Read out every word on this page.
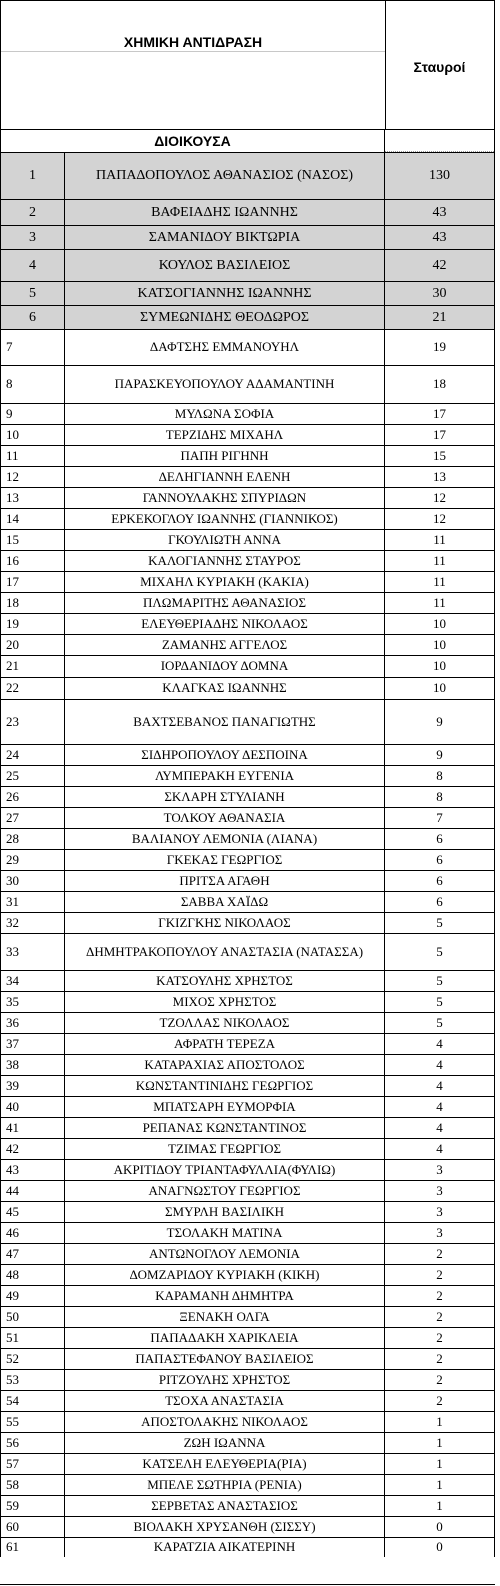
ΧΗΜΙΚΗ ΑΝΤΙΔΡΑΣΗ
Σταυροί
ΔΙΟΙΚΟΥΣΑ
1	ΠΑΠΑΔΟΠΟΥΛΟΣ ΑΘΑΝΑΣΙΟΣ (ΝΑΣΟΣ)	130
2	ΒΑΦΕΙΑΔΗΣ ΙΩΑΝΝΗΣ	43
3	ΣΑΜΑΝΙΔΟΥ ΒΙΚΤΩΡΙΑ	43
4	ΚΟΥΛΟΣ ΒΑΣΙΛΕΙΟΣ	42
5	ΚΑΤΣΟΓΙΑΝΝΗΣ ΙΩΑΝΝΗΣ	30
6	ΣΥΜΕΩΝΙΔΗΣ ΘΕΟΔΩΡΟΣ	21
7	ΔΑΦΤΣΗΣ ΕΜΜΑΝΟΥΗΛ	19
8	ΠΑΡΑΣΚΕΥΟΠΟΥΛΟΥ ΑΔΑΜΑΝΤΙΝΗ	18
9	ΜΥΛΩΝΑ ΣΟΦΙΑ	17
10	ΤΕΡΖΙΔΗΣ ΜΙΧΑΗΛ	17
11	ΠΑΠΗ ΡΙΓΗΝΗ	15
12	ΔΕΛΗΓΙΑΝΝΗ ΕΛΕΝΗ	13
13	ΓΑΝΝΟΥΛΑΚΗΣ ΣΠΥΡΙΔΩΝ	12
14	ΕΡΚΕΚΟΓΛΟΥ ΙΩΑΝΝΗΣ (ΓΙΑΝΝΙΚΟΣ)	12
15	ΓΚΟΥΛΙΩΤΗ ΑΝΝΑ	11
16	ΚΑΛΟΓΙΑΝΝΗΣ ΣΤΑΥΡΟΣ	11
17	ΜΙΧΑΗΛ ΚΥΡΙΑΚΗ (ΚΑΚΙΑ)	11
18	ΠΛΩΜΑΡΙΤΗΣ ΑΘΑΝΑΣΙΟΣ	11
19	ΕΛΕΥΘΕΡΙΑΔΗΣ ΝΙΚΟΛΑΟΣ	10
20	ΖΑΜΑΝΗΣ ΑΓΓΕΛΟΣ	10
21	ΙΟΡΔΑΝΙΔΟΥ ΔΟΜΝΑ	10
22	ΚΛΑΓΚΑΣ ΙΩΑΝΝΗΣ	10
23	ΒΑΧΤΣΕΒΑΝΟΣ ΠΑΝΑΓΙΩΤΗΣ	9
24	ΣΙΔΗΡΟΠΟΥΛΟΥ ΔΕΣΠΟΙΝΑ	9
25	ΛΥΜΠΕΡΑΚΗ ΕΥΓΕΝΙΑ	8
26	ΣΚΛΑΡΗ ΣΤΥΛΙΑΝΗ	8
27	ΤΟΛΚΟΥ ΑΘΑΝΑΣΙΑ	7
28	ΒΑΛΙΑΝΟΥ ΛΕΜΟΝΙΑ (ΛΙΑΝΑ)	6
29	ΓΚΕΚΑΣ ΓΕΩΡΓΙΟΣ	6
30	ΠΡΙΤΣΑ ΑΓΑΘΗ	6
31	ΣΑΒΒΑ ΧΑΪΔΩ	6
32	ΓΚΙΖΓΚΗΣ ΝΙΚΟΛΑΟΣ	5
33	ΔΗΜΗΤΡΑΚΟΠΟΥΛΟΥ ΑΝΑΣΤΑΣΙΑ (ΝΑΤΑΣΣΑ)	5
34	ΚΑΤΣΟΥΛΗΣ ΧΡΗΣΤΟΣ	5
35	ΜΙΧΟΣ ΧΡΗΣΤΟΣ	5
36	ΤΖΟΛΛΑΣ ΝΙΚΟΛΑΟΣ	5
37	ΑΦΡΑΤΗ ΤΕΡΕΖΑ	4
38	ΚΑΤΑΡΑΧΙΑΣ ΑΠΟΣΤΟΛΟΣ	4
39	ΚΩΝΣΤΑΝΤΙΝΙΔΗΣ ΓΕΩΡΓΙΟΣ	4
40	ΜΠΑΤΣΑΡΗ ΕΥΜΟΡΦΙΑ	4
41	ΡΕΠΑΝΑΣ ΚΩΝΣΤΑΝΤΙΝΟΣ	4
42	ΤΖΙΜΑΣ ΓΕΩΡΓΙΟΣ	4
43	ΑΚΡΙΤΙΔΟΥ ΤΡΙΑΝΤΑΦΥΛΛΙΑ(ΦΥΛΙΩ)	3
44	ΑΝΑΓΝΩΣΤΟΥ ΓΕΩΡΓΙΟΣ	3
45	ΣΜΥΡΛΗ ΒΑΣΙΛΙΚΗ	3
46	ΤΣΟΛΑΚΗ ΜΑΤΙΝΑ	3
47	ΑΝΤΩΝΟΓΛΟΥ ΛΕΜΟΝΙΑ	2
48	ΔΟΜΖΑΡΙΔΟΥ ΚΥΡΙΑΚΗ (ΚΙΚΗ)	2
49	ΚΑΡΑΜΑΝΗ ΔΗΜΗΤΡΑ	2
50	ΞΕΝΑΚΗ ΟΛΓΑ	2
51	ΠΑΠΑΔΑΚΗ ΧΑΡΙΚΛΕΙΑ	2
52	ΠΑΠΑΣΤΕΦΑΝΟΥ ΒΑΣΙΛΕΙΟΣ	2
53	ΡΙΤΖΟΥΛΗΣ ΧΡΗΣΤΟΣ	2
54	ΤΣΟΧΑ ΑΝΑΣΤΑΣΙΑ	2
55	ΑΠΟΣΤΟΛΑΚΗΣ ΝΙΚΟΛΑΟΣ	1
56	ΖΩΗ ΙΩΑΝΝΑ	1
57	ΚΑΤΣΕΛΗ ΕΛΕΥΘΕΡΙΑ(ΡΙΑ)	1
58	ΜΠΕΛΕ ΣΩΤΗΡΙΑ (ΡΕΝΙΑ)	1
59	ΣΕΡΒΕΤΑΣ ΑΝΑΣΤΑΣΙΟΣ	1
60	ΒΙΟΛΑΚΗ ΧΡΥΣΑΝΘΗ (ΣΙΣΣΥ)	0
61	ΚΑΡΑΤΖΙΑ ΑΙΚΑΤΕΡΙΝΗ	0
